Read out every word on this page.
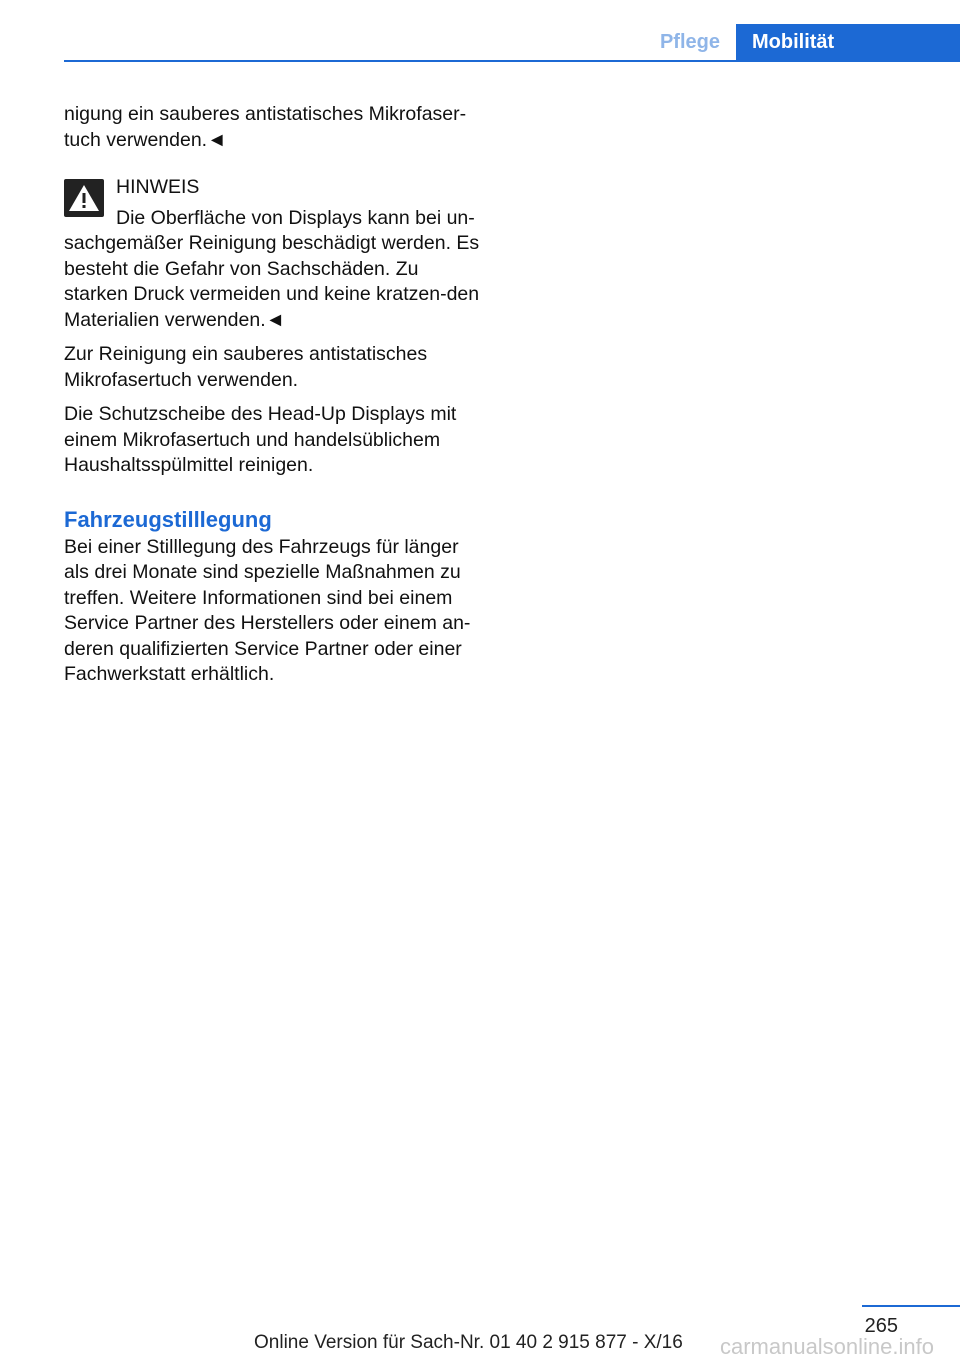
Pflege	Mobilität

nigung ein sauberes antistatisches Mikrofaser-tuch verwenden.◄

HINWEIS
Die Oberfläche von Displays kann bei un-sachgemäßer Reinigung beschädigt werden. Es besteht die Gefahr von Sachschäden. Zu starken Druck vermeiden und keine kratzen-den Materialien verwenden.◄

Zur Reinigung ein sauberes antistatisches Mikrofasertuch verwenden.

Die Schutzscheibe des Head-Up Displays mit einem Mikrofasertuch und handelsüblichem Haushaltsspülmittel reinigen.

Fahrzeugstilllegung

Bei einer Stilllegung des Fahrzeugs für länger als drei Monate sind spezielle Maßnahmen zu treffen. Weitere Informationen sind bei einem Service Partner des Herstellers oder einem an-deren qualifizierten Service Partner oder einer Fachwerkstatt erhältlich.

265
Online Version für Sach-Nr. 01 40 2 915 877 - X/16 carmanualsonline.info
